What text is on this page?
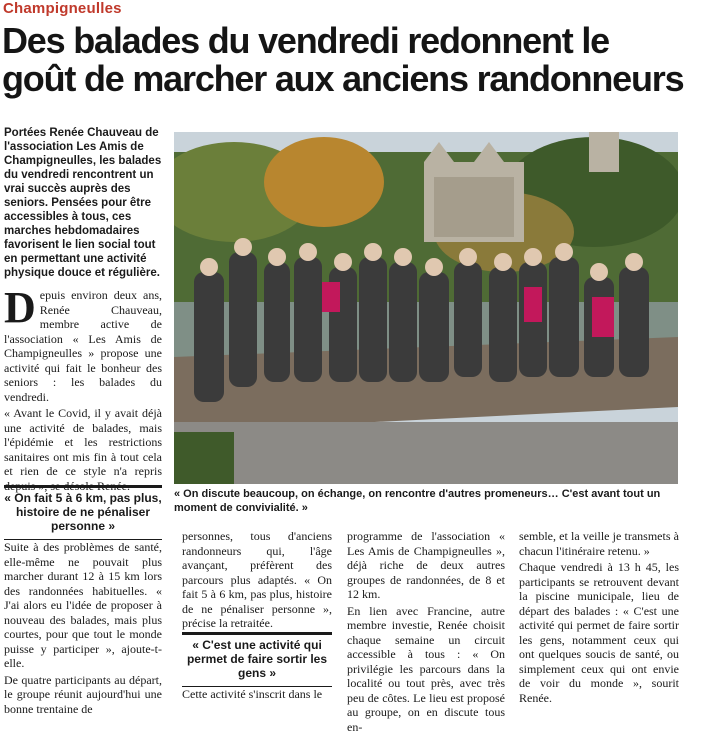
Champigneulles
Des balades du vendredi redonnent le
goût de marcher aux anciens randonneurs
Portées Renée Chauveau de l'association Les Amis de Champigneulles, les balades du vendredi rencontrent un vrai succès auprès des seniors. Pensées pour être accessibles à tous, ces marches hebdomadaires favorisent le lien social tout en permettant une activité physique douce et régulière.
D epuis environ deux ans, Renée Chauveau, membre active de l'association « Les Amis de Champigneulles » propose une activité qui fait le bonheur des seniors : les balades du vendredi.

« Avant le Covid, il y avait déjà une activité de balades, mais l'épidémie et les restrictions sanitaires ont mis fin à tout cela et rien de ce style n'a repris depuis », se désole Renée.

« On fait 5 à 6 km, pas plus, histoire de ne pénaliser personne »

Suite à des problèmes de santé, elle-même ne pouvait plus marcher durant 12 à 15 km lors des randonnées habituelles. « J'ai alors eu l'idée de proposer à nouveau des balades, mais plus courtes, pour que tout le monde puisse y participer », ajoute-t-elle.

De quatre participants au départ, le groupe réunit aujourd'hui une bonne trentaine de

« On discute beaucoup, on échange, on rencontre d'autres promeneurs… C'est avant tout un moment de convivialité. »
personnes, tous d'anciens randonneurs qui, l'âge avançant, préfèrent des parcours plus adaptés. « On fait 5 à 6 km, pas plus, histoire de ne pénaliser personne », précise la retraitée.
« C'est une activité qui permet de faire sortir les gens »
Cette activité s'inscrit dans le

programme de l'association « Les Amis de Champigneulles », déjà riche de deux autres groupes de randonnées, de 8 et 12 km.

En lien avec Francine, autre membre investie, Renée choisit chaque semaine un circuit accessible à tous : « On privilégie les parcours dans la localité ou tout près, avec très peu de côtes. Le lieu est proposé au groupe, on en discute tous en-

semble, et la veille je transmets à chacun l'itinéraire retenu. »

Chaque vendredi à 13 h 45, les participants se retrouvent devant la piscine municipale, lieu de départ des balades : « C'est une activité qui permet de faire sortir les gens, notamment ceux qui ont quelques soucis de santé, ou simplement ceux qui ont envie de voir du monde », sourit Renée.
